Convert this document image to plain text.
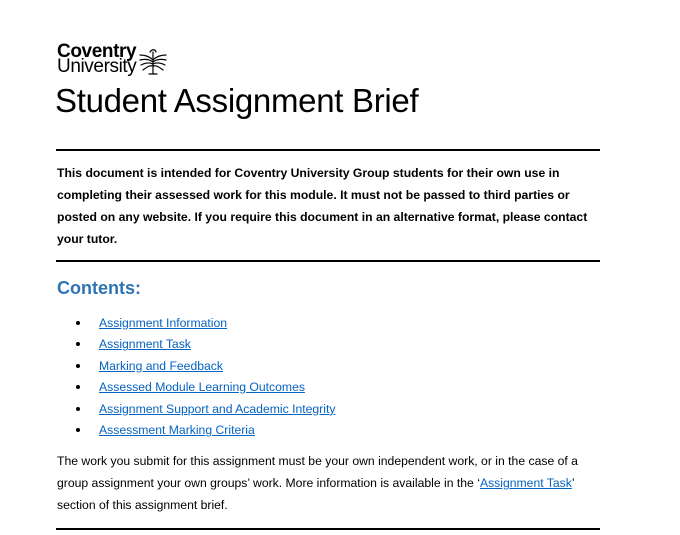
Coventry
University
Student Assignment Brief
This document is intended for Coventry University Group students for their own use in completing their assessed work for this module. It must not be passed to third parties or posted on any website. If you require this document in an alternative format, please contact your tutor.
Contents:
Assignment Information
Assignment Task
Marking and Feedback
Assessed Module Learning Outcomes
Assignment Support and Academic Integrity
Assessment Marking Criteria
The work you submit for this assignment must be your own independent work, or in the case of a group assignment your own groups’ work. More information is available in the ‘Assignment Task’ section of this assignment brief.
